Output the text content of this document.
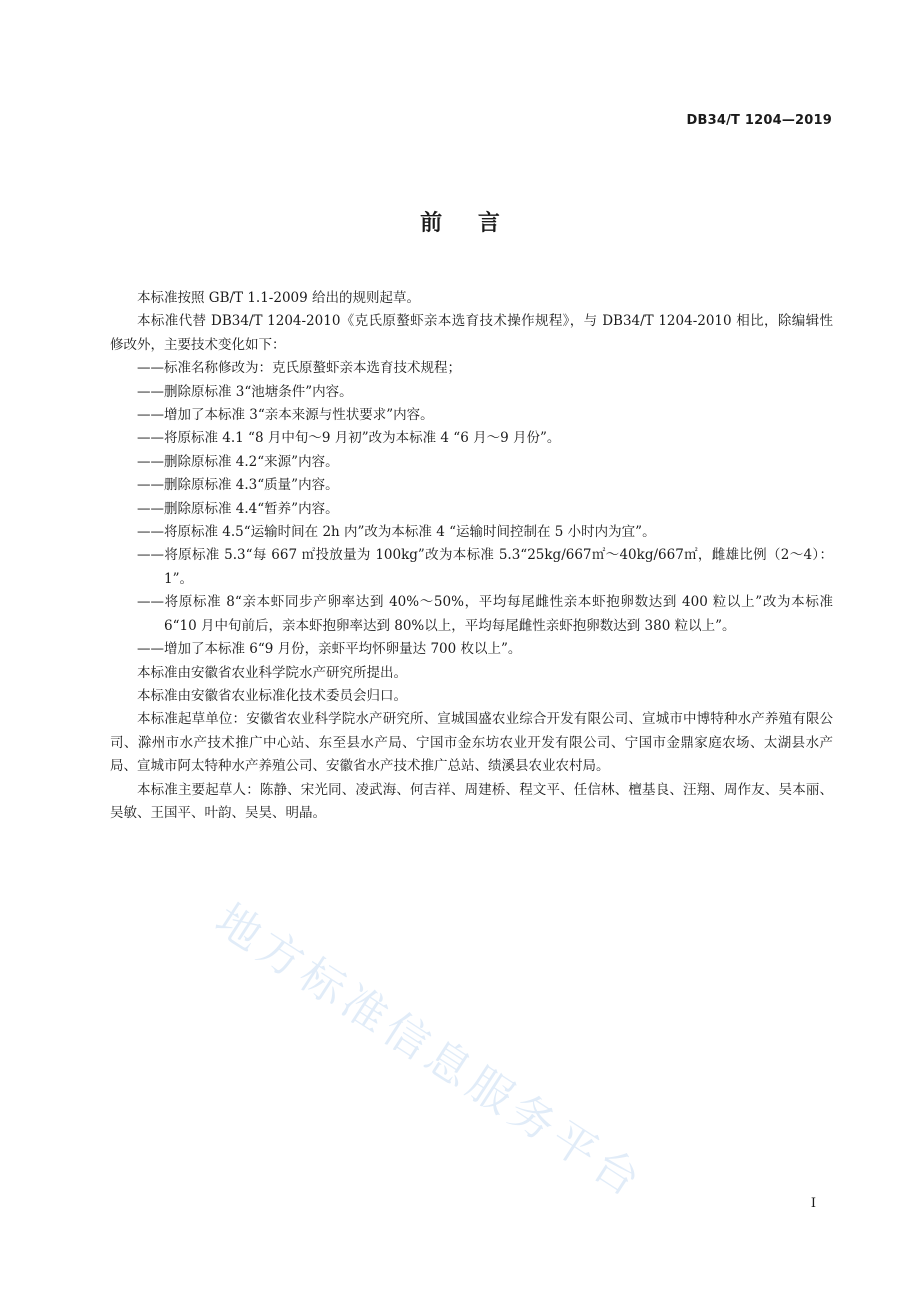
DB34/T 1204—2019
前 言

本标准按照 GB/T 1.1-2009 给出的规则起草。

本标准代替 DB34/T 1204-2010《克氏原螯虾亲本选育技术操作规程》，与 DB34/T 1204-2010 相比，除编辑性修改外，主要技术变化如下：

——标准名称修改为：克氏原螯虾亲本选育技术规程；

——删除原标准 3“池塘条件”内容。

——增加了本标准 3“亲本来源与性状要求”内容。

——将原标准 4.1 “8 月中旬～9 月初”改为本标准 4 “6 月～9 月份”。

——删除原标准 4.2“来源”内容。

——删除原标准 4.3“质量”内容。

——删除原标准 4.4“暂养”内容。

——将原标准 4.5“运输时间在 2h 内”改为本标准 4 “运输时间控制在 5 小时内为宜”。

——将原标准 5.3“每 667 ㎡投放量为 100kg”改为本标准 5.3“25kg/667㎡～40kg/667㎡，雌雄比例（2～4）：1”。

——将原标准 8“亲本虾同步产卵率达到 40%～50%，平均每尾雌性亲本虾抱卵数达到 400 粒以上”改为本标准 6“10 月中旬前后，亲本虾抱卵率达到 80%以上，平均每尾雌性亲虾抱卵数达到 380 粒以上”。

——增加了本标准 6“9 月份，亲虾平均怀卵量达 700 枚以上”。

本标准由安徽省农业科学院水产研究所提出。

本标准由安徽省农业标准化技术委员会归口。

本标准起草单位：安徽省农业科学院水产研究所、宣城国盛农业综合开发有限公司、宣城市中博特种水产养殖有限公司、滁州市水产技术推广中心站、东至县水产局、宁国市金东坊农业开发有限公司、宁国市金鼎家庭农场、太湖县水产局、宣城市阿太特种水产养殖公司、安徽省水产技术推广总站、绩溪县农业农村局。

本标准主要起草人：陈静、宋光同、凌武海、何吉祥、周建桥、程文平、任信林、檀基良、汪翔、周作友、吴本丽、吴敏、王国平、叶韵、吴昊、明晶。

地方标准信息服务平台	I
